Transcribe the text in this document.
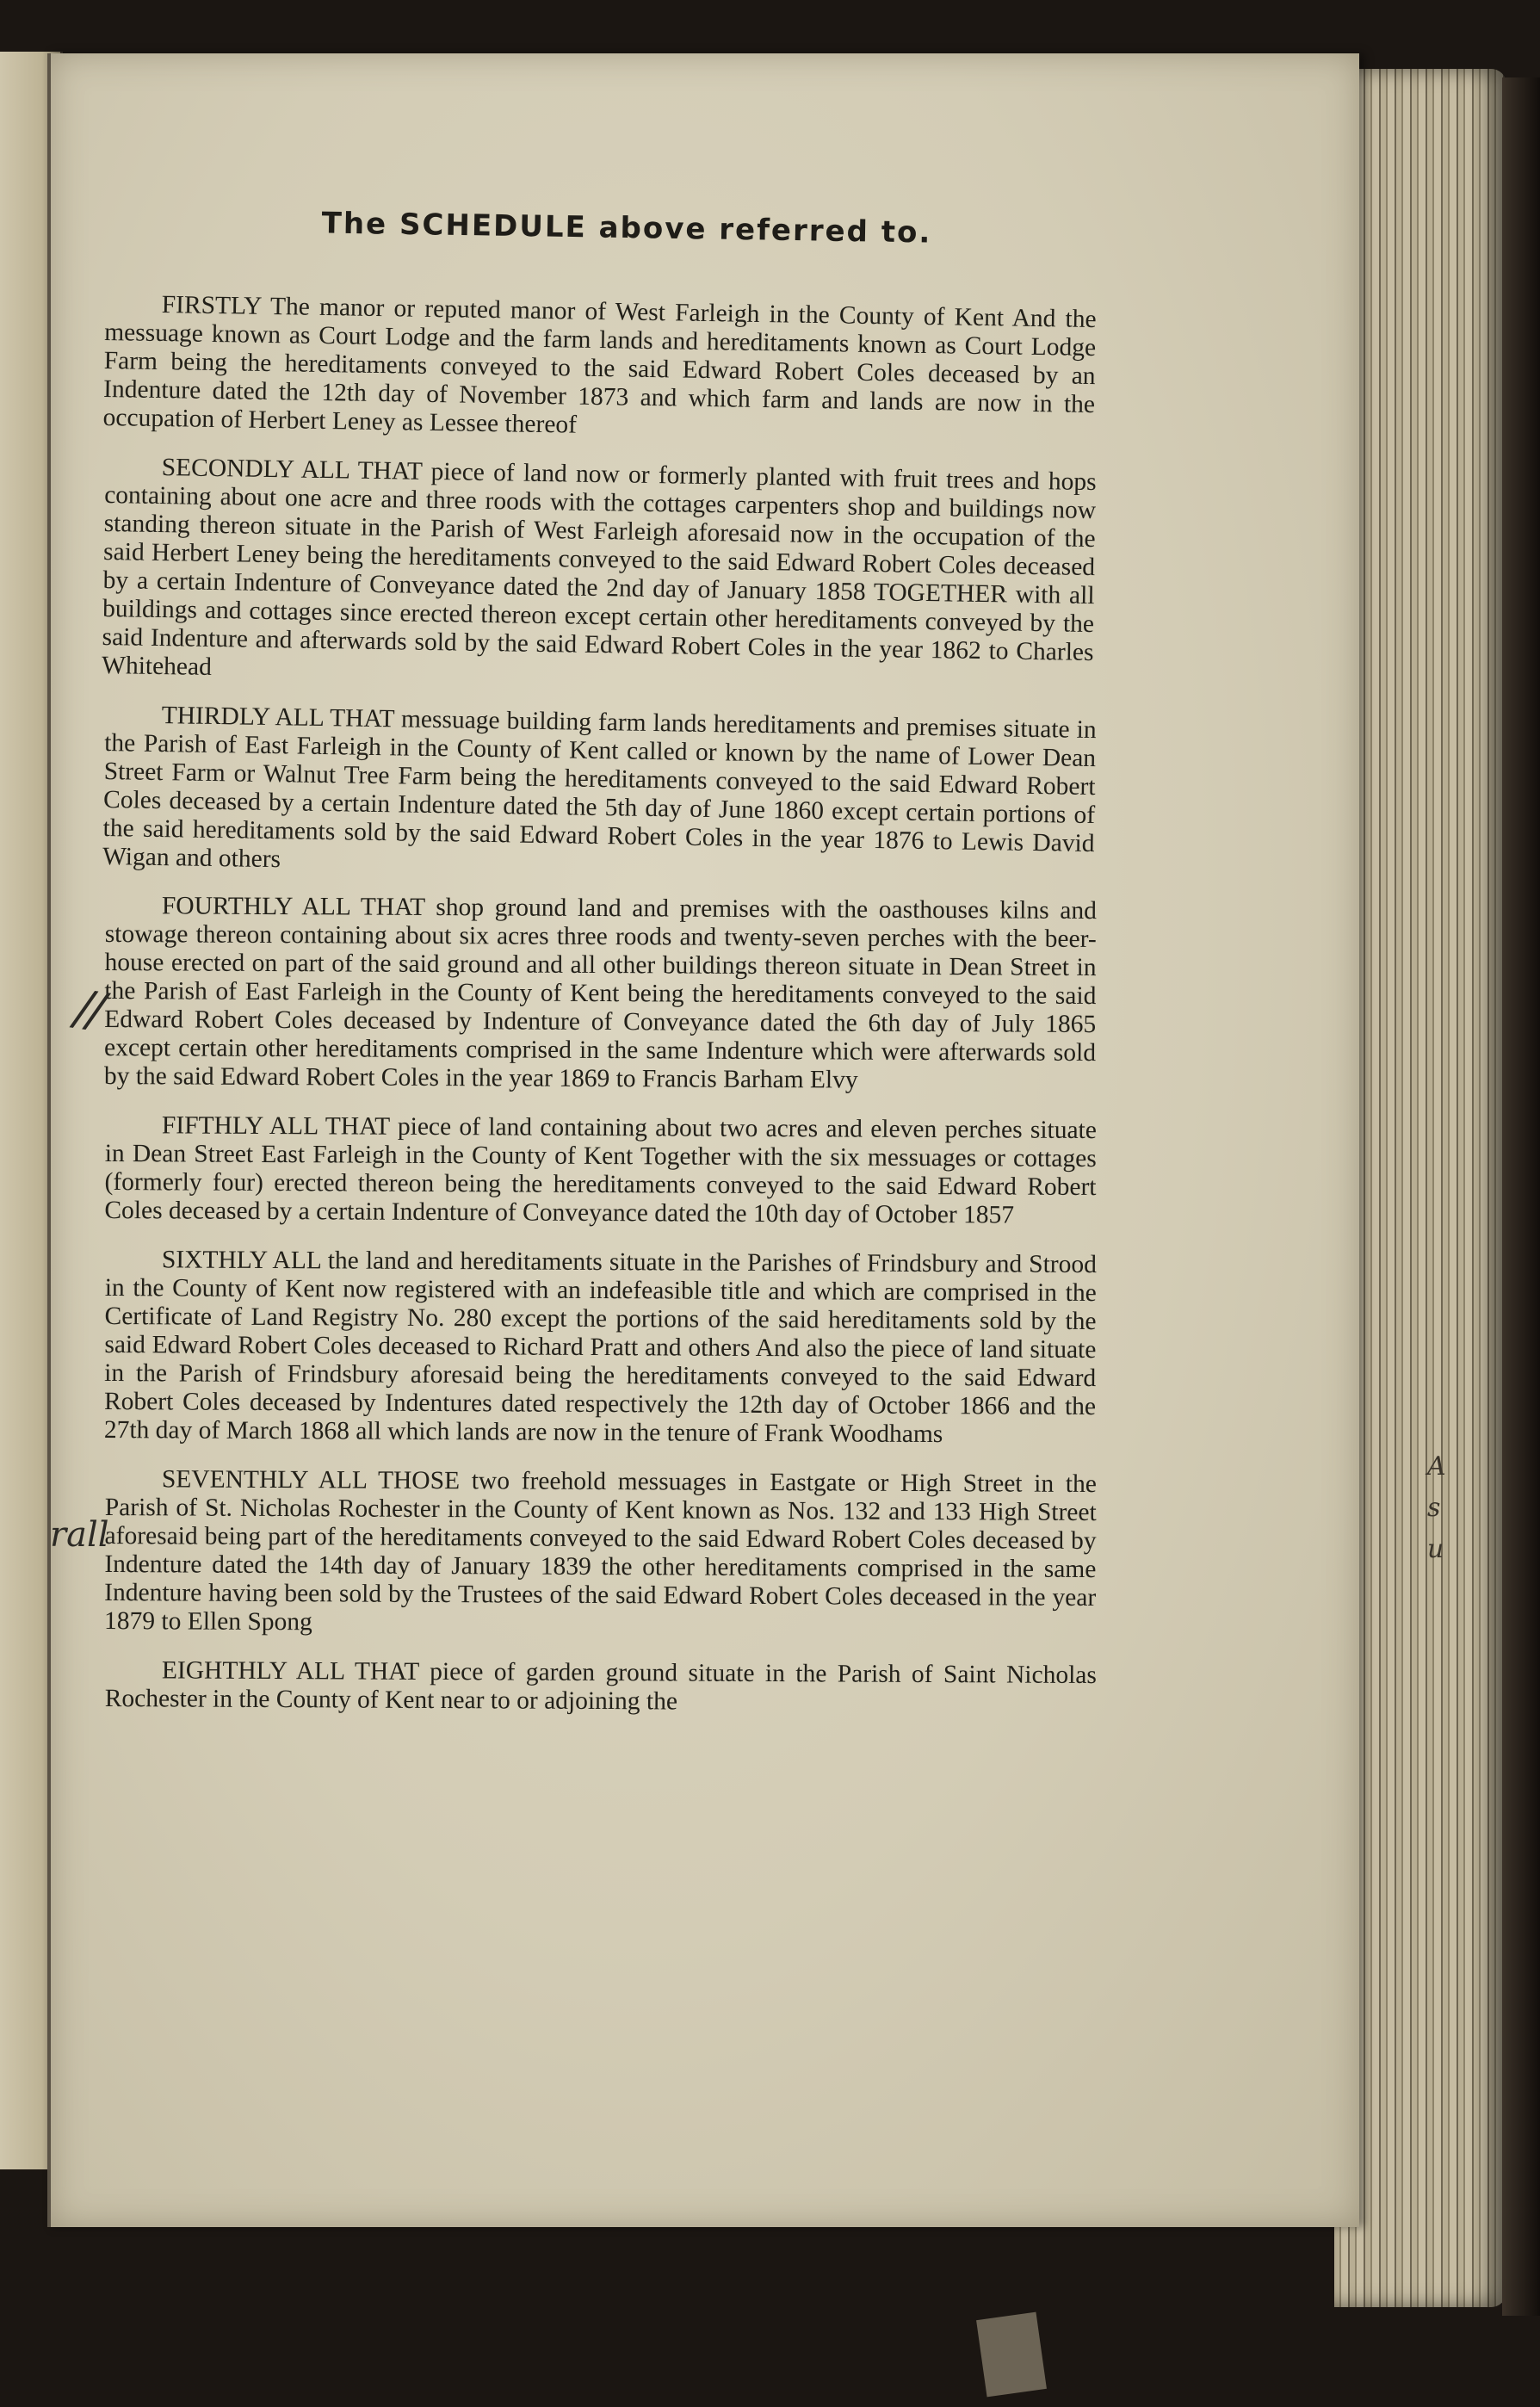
The SCHEDULE above referred to.

FIRSTLY The manor or reputed manor of West Farleigh in the County of Kent And the messuage known as Court Lodge and the farm lands and hereditaments known as Court Lodge Farm being the hereditaments conveyed to the said Edward Robert Coles deceased by an Indenture dated the 12th day of November 1873 and which farm and lands are now in the occupation of Herbert Leney as Lessee thereof

SECONDLY ALL THAT piece of land now or formerly planted with fruit trees and hops containing about one acre and three roods with the cottages carpenters shop and buildings now standing thereon situate in the Parish of West Farleigh aforesaid now in the occupation of the said Herbert Leney being the hereditaments conveyed to the said Edward Robert Coles deceased by a certain Indenture of Conveyance dated the 2nd day of January 1858 TOGETHER with all buildings and cottages since erected thereon except certain other hereditaments conveyed by the said Indenture and afterwards sold by the said Edward Robert Coles in the year 1862 to Charles Whitehead

THIRDLY ALL THAT messuage building farm lands hereditaments and premises situate in the Parish of East Farleigh in the County of Kent called or known by the name of Lower Dean Street Farm or Walnut Tree Farm being the hereditaments conveyed to the said Edward Robert Coles deceased by a certain Indenture dated the 5th day of June 1860 except certain portions of the said hereditaments sold by the said Edward Robert Coles in the year 1876 to Lewis David Wigan and others

FOURTHLY ALL THAT shop ground land and premises with the oasthouses kilns and stowage thereon containing about six acres three roods and twenty-seven perches with the beer-house erected on part of the said ground and all other buildings thereon situate in Dean Street in the Parish of East Farleigh in the County of Kent being the hereditaments conveyed to the said Edward Robert Coles deceased by Indenture of Conveyance dated the 6th day of July 1865 except certain other hereditaments comprised in the same Indenture which were afterwards sold by the said Edward Robert Coles in the year 1869 to Francis Barham Elvy

FIFTHLY ALL THAT piece of land containing about two acres and eleven perches situate in Dean Street East Farleigh in the County of Kent Together with the six messuages or cottages (formerly four) erected thereon being the hereditaments conveyed to the said Edward Robert Coles deceased by a certain Indenture of Conveyance dated the 10th day of October 1857

SIXTHLY ALL the land and hereditaments situate in the Parishes of Frindsbury and Strood in the County of Kent now registered with an indefeasible title and which are comprised in the Certificate of Land Registry No. 280 except the portions of the said hereditaments sold by the said Edward Robert Coles deceased to Richard Pratt and others And also the piece of land situate in the Parish of Frindsbury aforesaid being the hereditaments conveyed to the said Edward Robert Coles deceased by Indentures dated respectively the 12th day of October 1866 and the 27th day of March 1868 all which lands are now in the tenure of Frank Woodhams

SEVENTHLY ALL THOSE two freehold messuages in Eastgate or High Street in the Parish of St. Nicholas Rochester in the County of Kent known as Nos. 132 and 133 High Street aforesaid being part of the hereditaments conveyed to the said Edward Robert Coles deceased by Indenture dated the 14th day of January 1839 the other hereditaments comprised in the same Indenture having been sold by the Trustees of the said Edward Robert Coles deceased in the year 1879 to Ellen Spong

EIGHTHLY ALL THAT piece of garden ground situate in the Parish of Saint Nicholas Rochester in the County of Kent near to or adjoining the

//
rall
A
s
u
